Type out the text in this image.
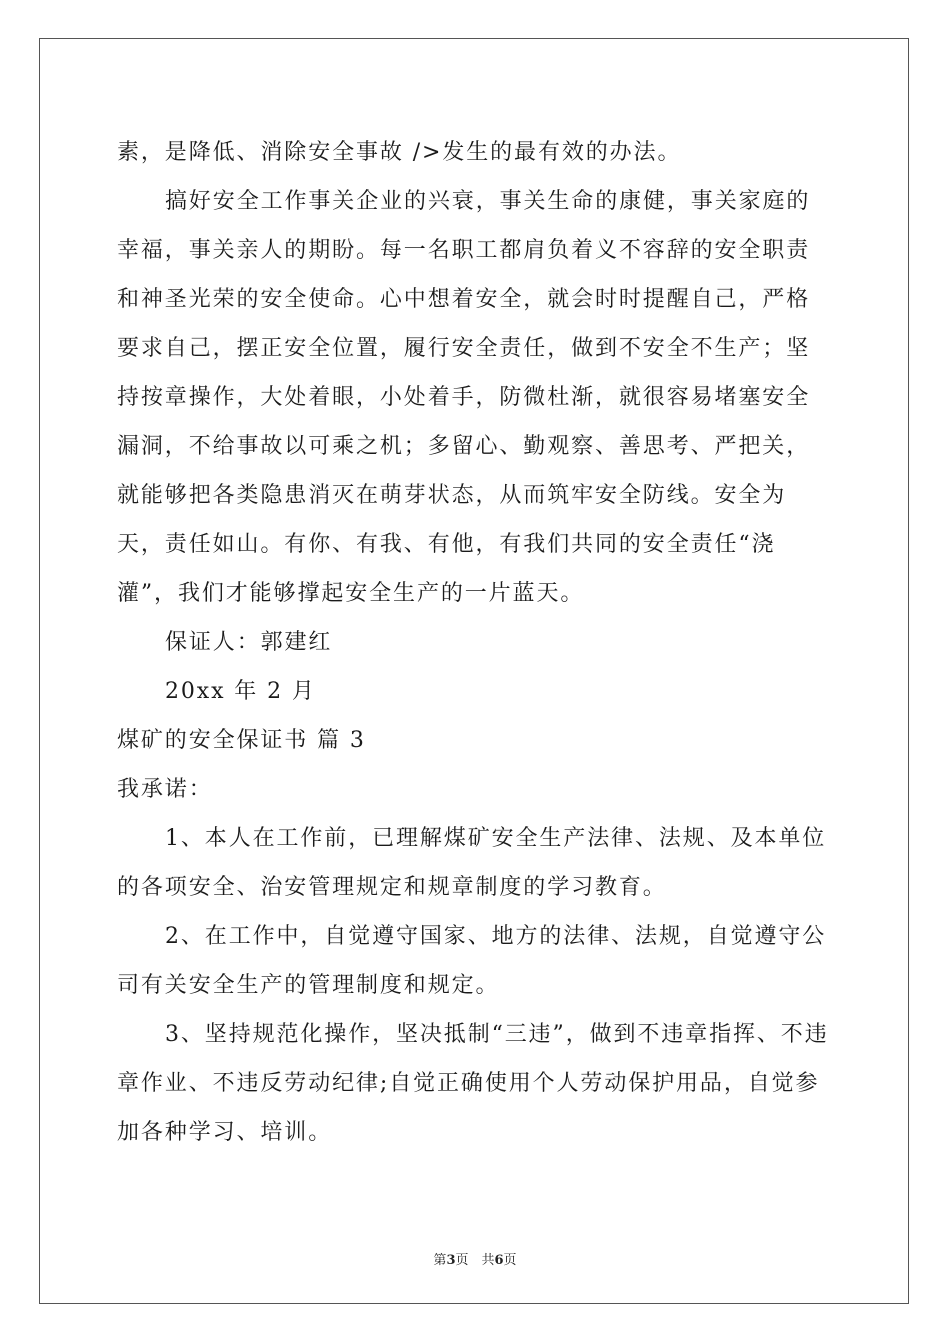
素，是降低、消除安全事故 />发生的最有效的办法。

搞好安全工作事关企业的兴衰，事关生命的康健，事关家庭的幸福，事关亲人的期盼。每一名职工都肩负着义不容辞的安全职责和神圣光荣的安全使命。心中想着安全，就会时时提醒自己，严格要求自己，摆正安全位置，履行安全责任，做到不安全不生产；坚持按章操作，大处着眼，小处着手，防微杜渐，就很容易堵塞安全漏洞，不给事故以可乘之机；多留心、勤观察、善思考、严把关，就能够把各类隐患消灭在萌芽状态，从而筑牢安全防线。安全为天，责任如山。有你、有我、有他，有我们共同的安全责任“浇灌”，我们才能够撑起安全生产的一片蓝天。

保证人：郭建红

20xx 年 2 月

煤矿的安全保证书 篇 3

我承诺：

1、本人在工作前，已理解煤矿安全生产法律、法规、及本单位的各项安全、治安管理规定和规章制度的学习教育。

2、在工作中，自觉遵守国家、地方的法律、法规，自觉遵守公司有关安全生产的管理制度和规定。

3、坚持规范化操作，坚决抵制“三违”，做到不违章指挥、不违章作业、不违反劳动纪律;自觉正确使用个人劳动保护用品，自觉参加各种学习、培训。

第3页　共6页
